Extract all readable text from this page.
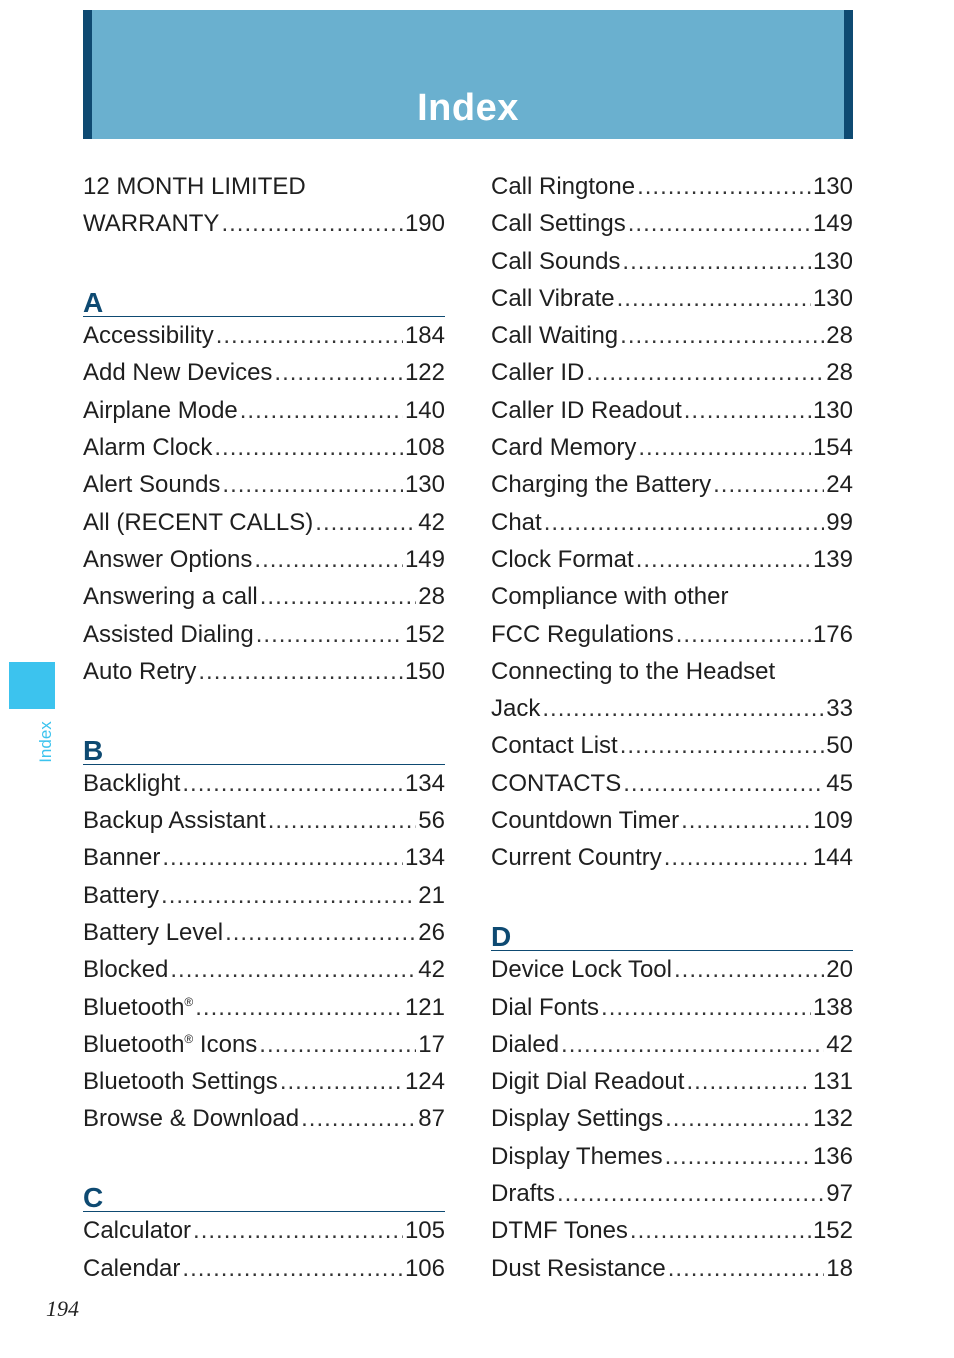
Index
Index
12 MONTH LIMITED
WARRANTY .....	190
A
Accessibility .....	184
Add New Devices .....	122
Airplane Mode .....	140
Alarm Clock .....	108
Alert Sounds .....	130
All (RECENT CALLS) .....	42
Answer Options .....	149
Answering a call .....	28
Assisted Dialing .....	152
Auto Retry .....	150
B
Backlight .....	134
Backup Assistant .....	56
Banner .....	134
Battery .....	21
Battery Level .....	26
Blocked .....	42
Bluetooth® .....	121
Bluetooth® Icons .....	17
Bluetooth Settings .....	124
Browse & Download .....	87
C
Calculator .....	105
Calendar .....	106
Call Ringtone .....	130
Call Settings .....	149
Call Sounds .....	130
Call Vibrate .....	130
Call Waiting .....	28
Caller ID .....	28
Caller ID Readout .....	130
Card Memory .....	154
Charging the Battery .....	24
Chat .....	99
Clock Format .....	139
Compliance with other
FCC Regulations .....	176
Connecting to the Headset
Jack .....	33
Contact List .....	50
CONTACTS .....	45
Countdown Timer .....	109
Current Country .....	144
D
Device Lock Tool .....	20
Dial Fonts .....	138
Dialed .....	42
Digit Dial Readout .....	131
Display Settings .....	132
Display Themes .....	136
Drafts .....	97
DTMF Tones .....	152
Dust Resistance .....	18
194
